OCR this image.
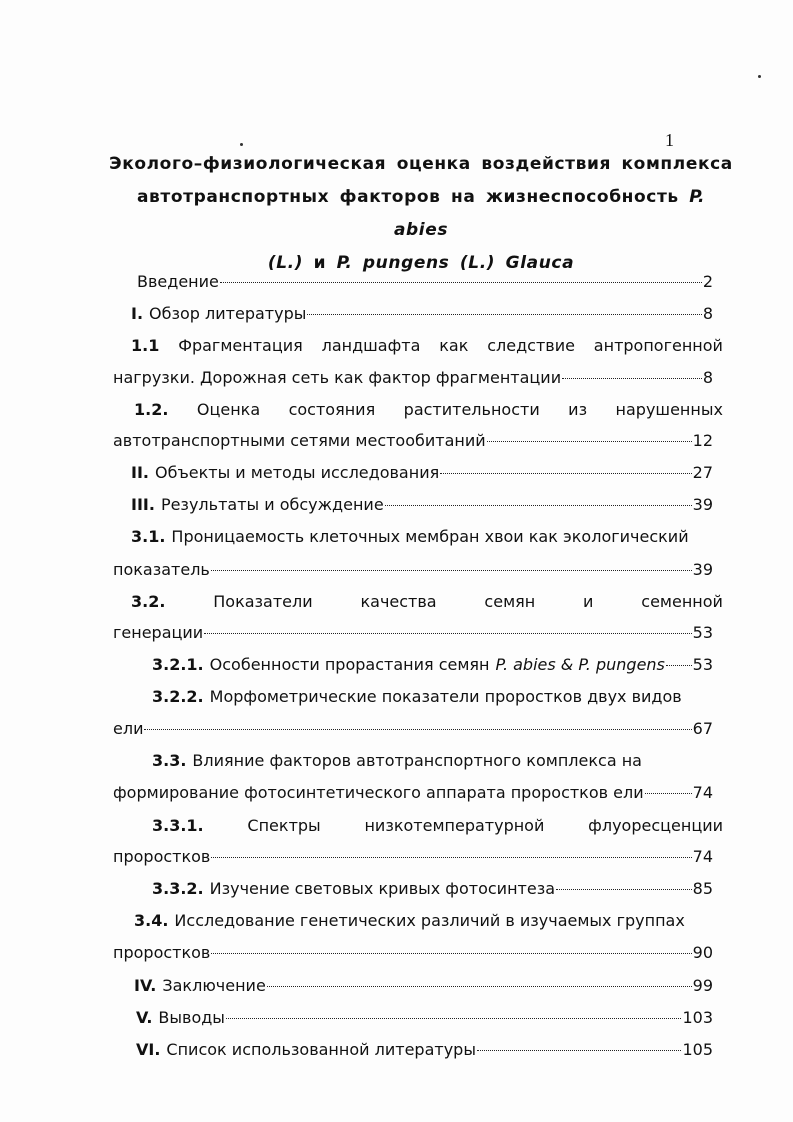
1
Эколого–физиологическая оценка воздействия комплекса
автотранспортных факторов на жизнеспособность P. abies
(L.) и P. pungens (L.) Glauca
Введение	2
I. Обзор литературы	8
1.1 Фрагментация ландшафта как следствие антропогенной
нагрузки. Дорожная сеть как фактор фрагментации	8
1.2. Оценка состояния растительности из нарушенных
автотранспортными сетями местообитаний	12
II. Объекты и методы исследования	27
III. Результаты и обсуждение	39
3.1. Проницаемость клеточных мембран хвои как экологический
показатель	39
3.2.	Показатели	качества	семян	и	семенной
генерации	53
3.2.1. Особенности прорастания семян P. abies & P. pungens 53
3.2.2. Морфометрические показатели проростков двух видов
ели	67
3.3. Влияние факторов автотранспортного комплекса на
формирование фотосинтетического аппарата проростков ели	74
3.3.1.	Спектры	низкотемпературной	флуоресценции
проростков	74
3.3.2. Изучение световых кривых фотосинтеза	85
3.4. Исследование генетических различий в изучаемых группах
проростков	90
IV. Заключение	99
V. Выводы	103
VI. Список использованной литературы	105
